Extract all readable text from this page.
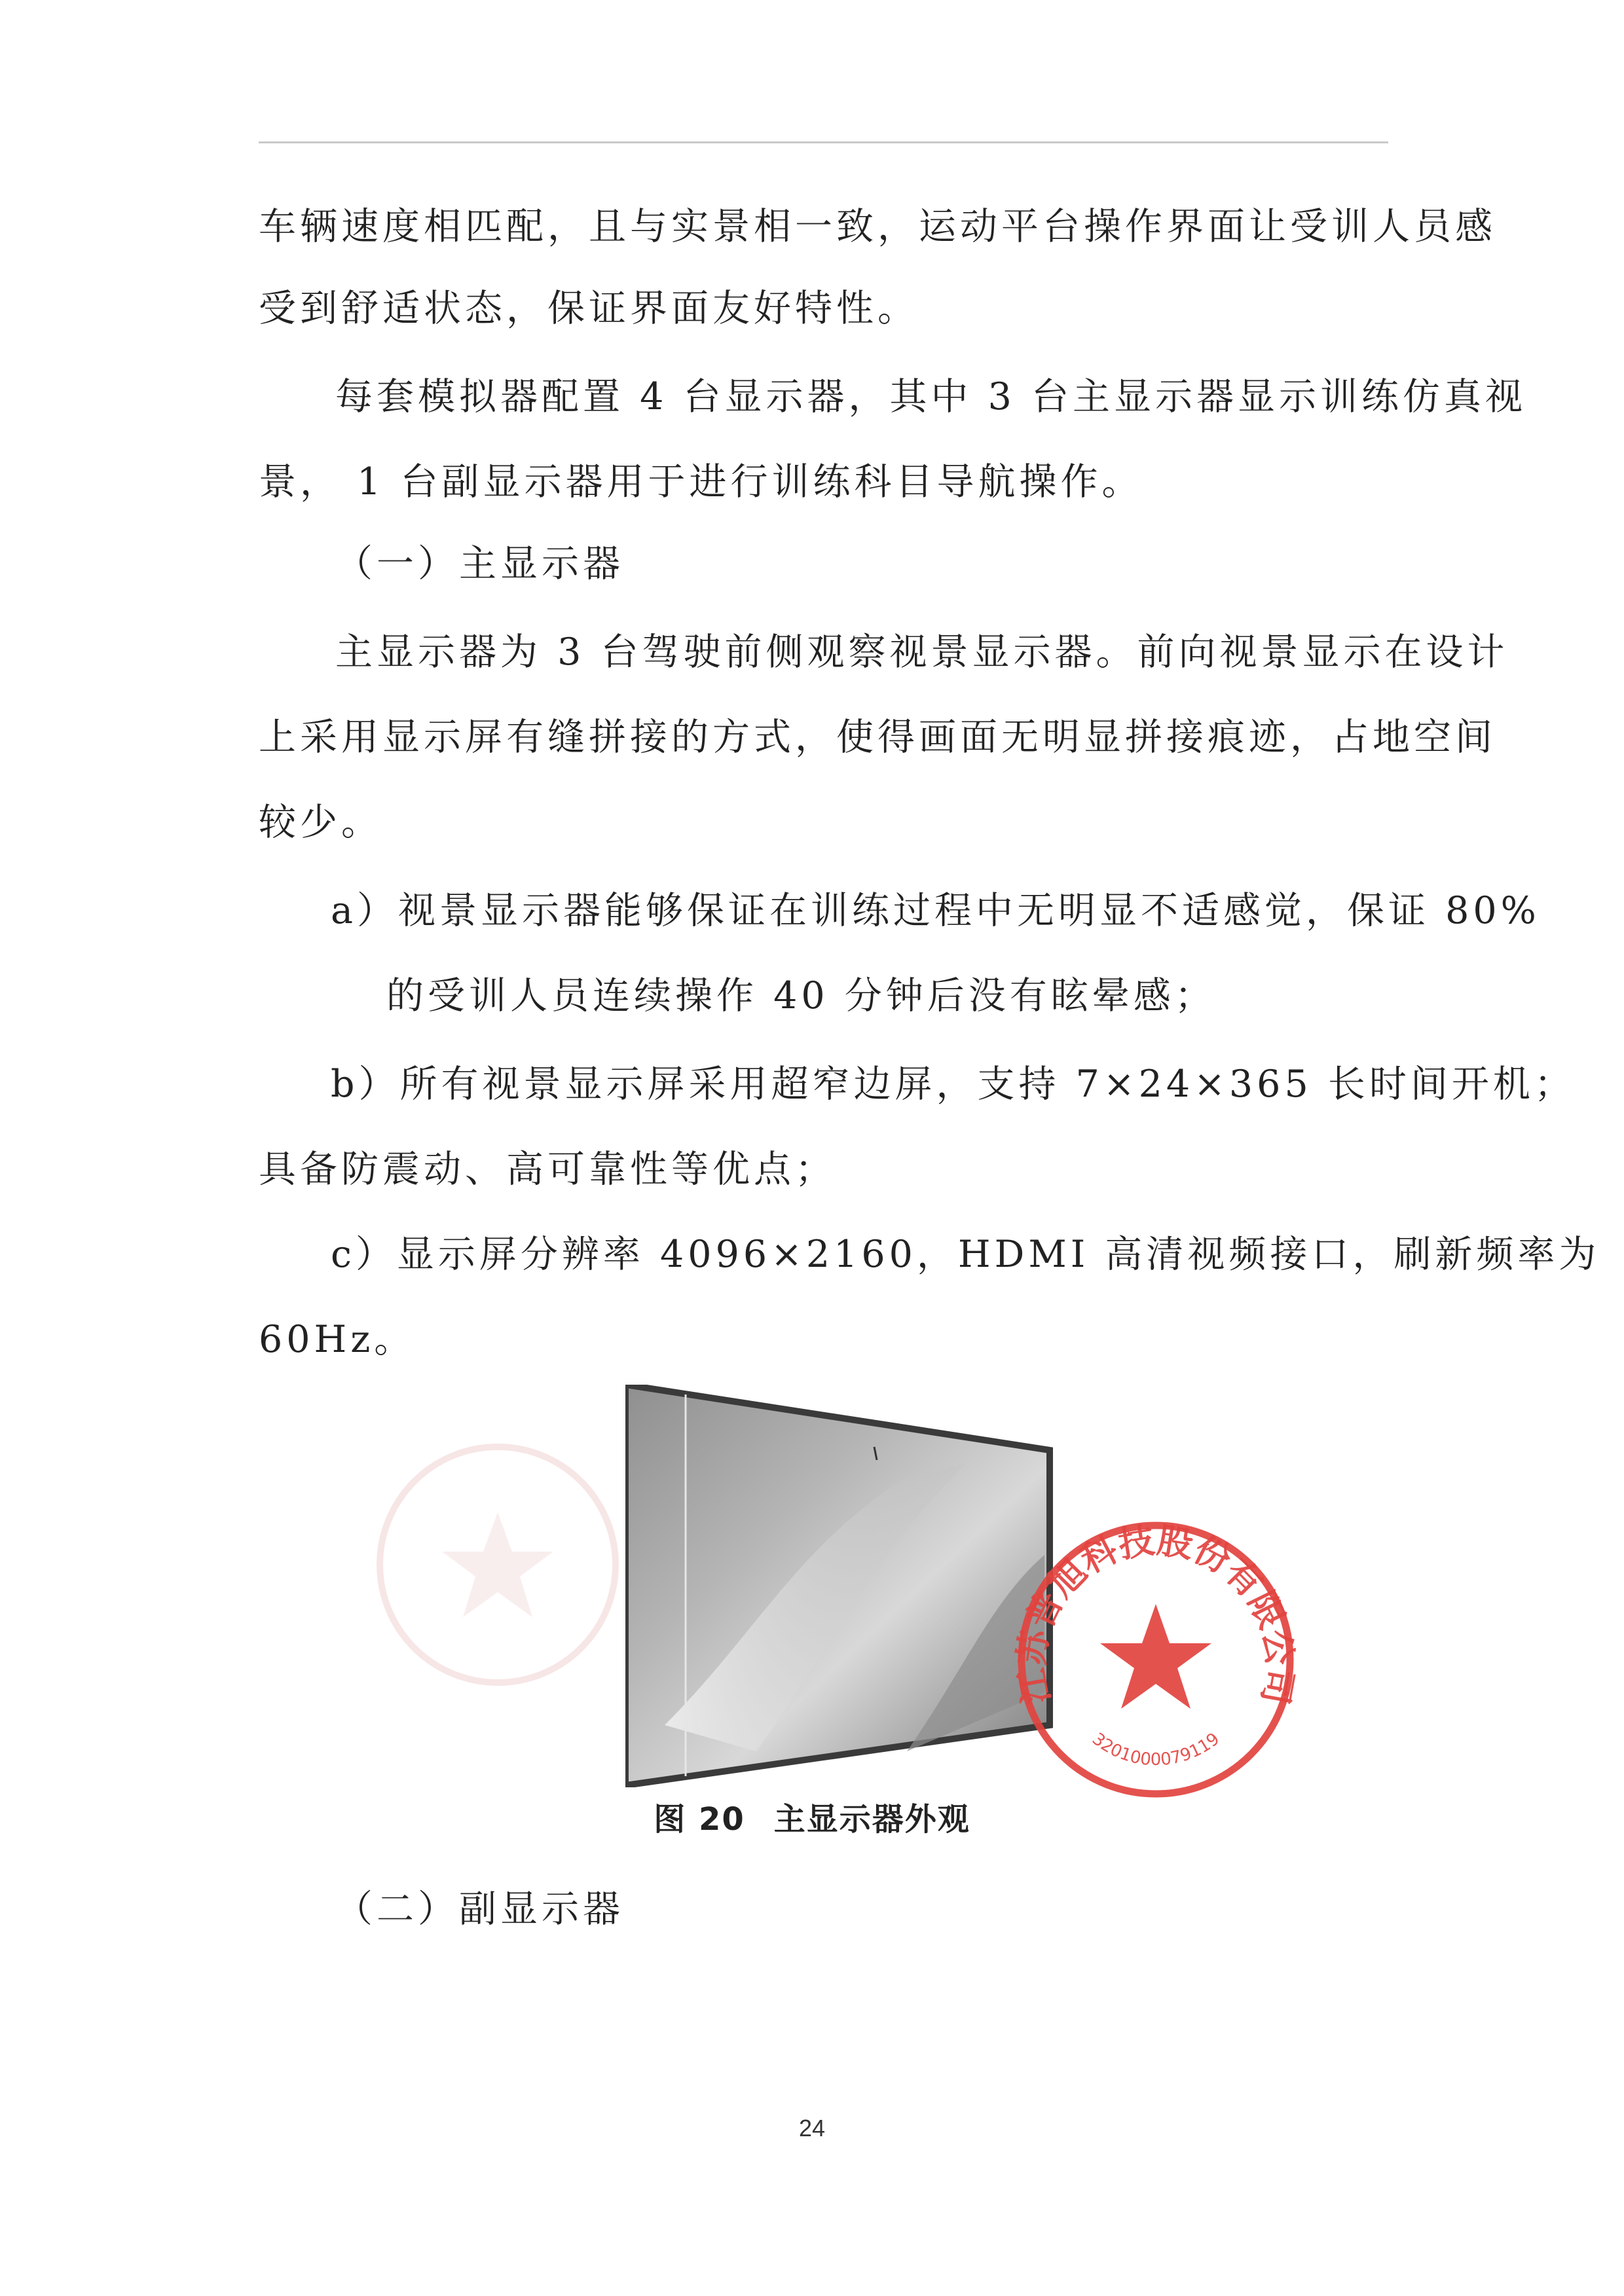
车辆速度相匹配，且与实景相一致，运动平台操作界面让受训人员感
受到舒适状态，保证界面友好特性。
每套模拟器配置 4 台显示器，其中 3 台主显示器显示训练仿真视
景， 1 台副显示器用于进行训练科目导航操作。
（一）主显示器
主显示器为 3 台驾驶前侧观察视景显示器。前向视景显示在设计
上采用显示屏有缝拼接的方式，使得画面无明显拼接痕迹，占地空间
较少。
a）视景显示器能够保证在训练过程中无明显不适感觉，保证 80%
的受训人员连续操作 40 分钟后没有眩晕感；
b）所有视景显示屏采用超窄边屏，支持 7×24×365 长时间开机；
具备防震动、高可靠性等优点；
c）显示屏分辨率 4096×2160，HDMI 高清视频接口，刷新频率为
60Hz。
江苏普旭科技股份有限公司
3201000079119
图 20 主显示器外观
（二）副显示器
24
